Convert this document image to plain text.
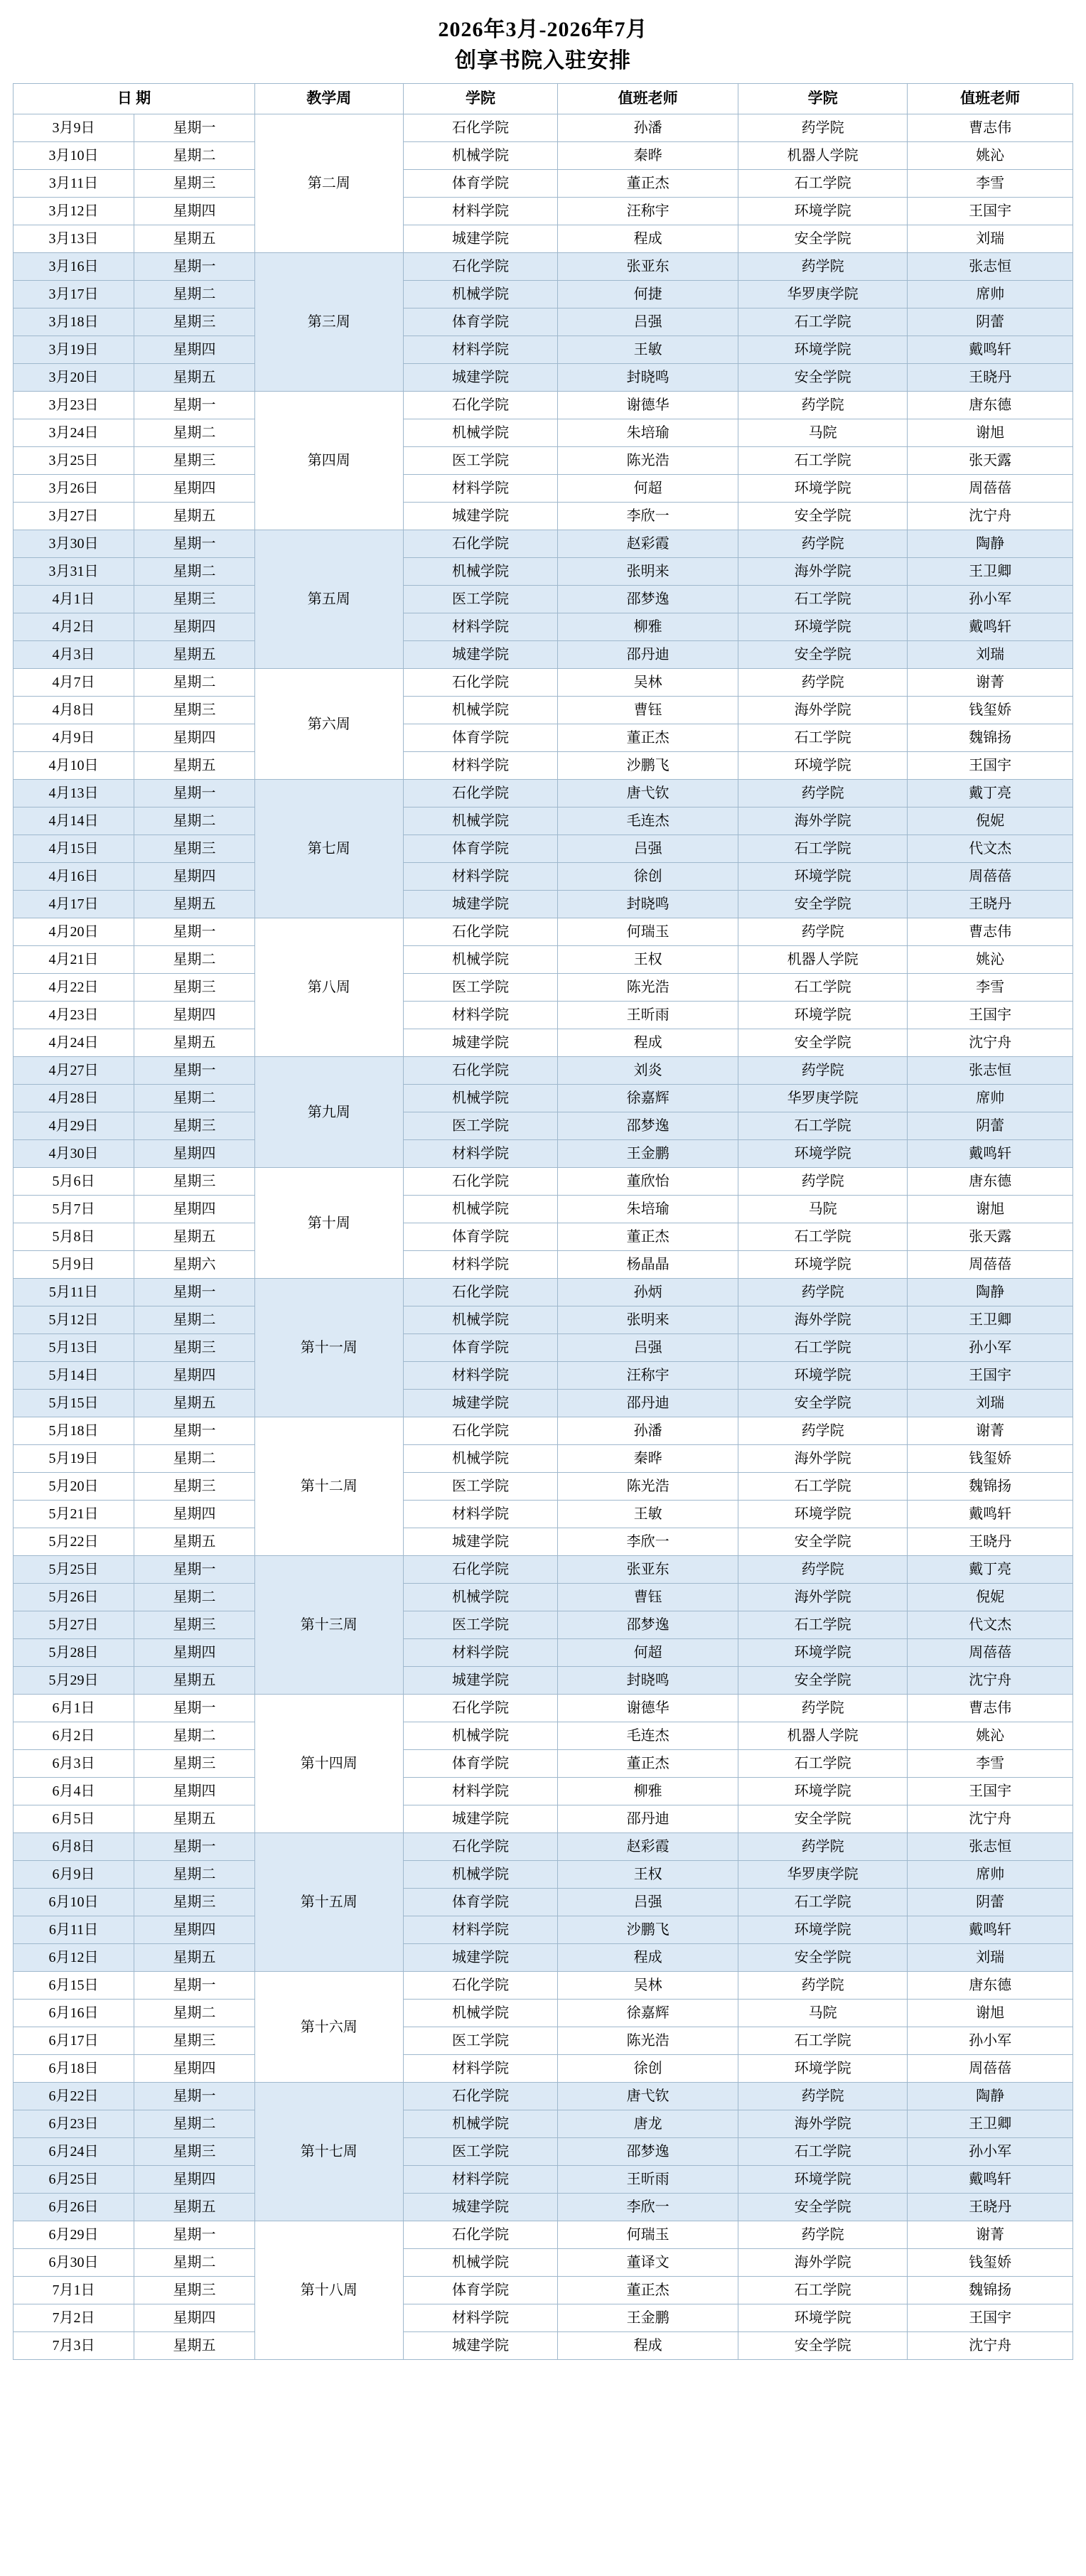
2026年3月-2026年7月
创享书院入驻安排
日 期		教学周	学院	值班老师	学院	值班老师
3月9日	星期一	第二周	石化学院	孙潘	药学院	曹志伟
3月10日	星期二		机械学院	秦晔	机器人学院	姚沁
3月11日	星期三		体育学院	董正杰	石工学院	李雪
3月12日	星期四		材料学院	汪称宇	环境学院	王国宇
3月13日	星期五		城建学院	程成	安全学院	刘瑞
3月16日	星期一	第三周	石化学院	张亚东	药学院	张志恒
3月17日	星期二		机械学院	何捷	华罗庚学院	席帅
3月18日	星期三		体育学院	吕强	石工学院	阴蕾
3月19日	星期四		材料学院	王敏	环境学院	戴鸣轩
3月20日	星期五		城建学院	封晓鸣	安全学院	王晓丹
3月23日	星期一	第四周	石化学院	谢德华	药学院	唐东德
3月24日	星期二		机械学院	朱培瑜	马院	谢旭
3月25日	星期三		医工学院	陈光浩	石工学院	张天露
3月26日	星期四		材料学院	何超	环境学院	周蓓蓓
3月27日	星期五		城建学院	李欣一	安全学院	沈宁舟
3月30日	星期一	第五周	石化学院	赵彩霞	药学院	陶静
3月31日	星期二		机械学院	张明来	海外学院	王卫卿
4月1日	星期三		医工学院	邵梦逸	石工学院	孙小军
4月2日	星期四		材料学院	柳雅	环境学院	戴鸣轩
4月3日	星期五		城建学院	邵丹迪	安全学院	刘瑞
4月7日	星期二	第六周	石化学院	吴林	药学院	谢菁
4月8日	星期三		机械学院	曹钰	海外学院	钱玺娇
4月9日	星期四		体育学院	董正杰	石工学院	魏锦扬
4月10日	星期五		材料学院	沙鹏飞	环境学院	王国宇
4月13日	星期一	第七周	石化学院	唐弋钦	药学院	戴丁亮
4月14日	星期二		机械学院	毛连杰	海外学院	倪妮
4月15日	星期三		体育学院	吕强	石工学院	代文杰
4月16日	星期四		材料学院	徐创	环境学院	周蓓蓓
4月17日	星期五		城建学院	封晓鸣	安全学院	王晓丹
4月20日	星期一	第八周	石化学院	何瑞玉	药学院	曹志伟
4月21日	星期二		机械学院	王权	机器人学院	姚沁
4月22日	星期三		医工学院	陈光浩	石工学院	李雪
4月23日	星期四		材料学院	王昕雨	环境学院	王国宇
4月24日	星期五		城建学院	程成	安全学院	沈宁舟
4月27日	星期一	第九周	石化学院	刘炎	药学院	张志恒
4月28日	星期二		机械学院	徐嘉辉	华罗庚学院	席帅
4月29日	星期三		医工学院	邵梦逸	石工学院	阴蕾
4月30日	星期四		材料学院	王金鹏	环境学院	戴鸣轩
5月6日	星期三	第十周	石化学院	董欣怡	药学院	唐东德
5月7日	星期四		机械学院	朱培瑜	马院	谢旭
5月8日	星期五		体育学院	董正杰	石工学院	张天露
5月9日	星期六		材料学院	杨晶晶	环境学院	周蓓蓓
5月11日	星期一	第十一周	石化学院	孙炳	药学院	陶静
5月12日	星期二		机械学院	张明来	海外学院	王卫卿
5月13日	星期三		体育学院	吕强	石工学院	孙小军
5月14日	星期四		材料学院	汪称宇	环境学院	王国宇
5月15日	星期五		城建学院	邵丹迪	安全学院	刘瑞
5月18日	星期一	第十二周	石化学院	孙潘	药学院	谢菁
5月19日	星期二		机械学院	秦晔	海外学院	钱玺娇
5月20日	星期三		医工学院	陈光浩	石工学院	魏锦扬
5月21日	星期四		材料学院	王敏	环境学院	戴鸣轩
5月22日	星期五		城建学院	李欣一	安全学院	王晓丹
5月25日	星期一	第十三周	石化学院	张亚东	药学院	戴丁亮
5月26日	星期二		机械学院	曹钰	海外学院	倪妮
5月27日	星期三		医工学院	邵梦逸	石工学院	代文杰
5月28日	星期四		材料学院	何超	环境学院	周蓓蓓
5月29日	星期五		城建学院	封晓鸣	安全学院	沈宁舟
6月1日	星期一	第十四周	石化学院	谢德华	药学院	曹志伟
6月2日	星期二		机械学院	毛连杰	机器人学院	姚沁
6月3日	星期三		体育学院	董正杰	石工学院	李雪
6月4日	星期四		材料学院	柳雅	环境学院	王国宇
6月5日	星期五		城建学院	邵丹迪	安全学院	沈宁舟
6月8日	星期一	第十五周	石化学院	赵彩霞	药学院	张志恒
6月9日	星期二		机械学院	王权	华罗庚学院	席帅
6月10日	星期三		体育学院	吕强	石工学院	阴蕾
6月11日	星期四		材料学院	沙鹏飞	环境学院	戴鸣轩
6月12日	星期五		城建学院	程成	安全学院	刘瑞
6月15日	星期一	第十六周	石化学院	吴林	药学院	唐东德
6月16日	星期二		机械学院	徐嘉辉	马院	谢旭
6月17日	星期三		医工学院	陈光浩	石工学院	孙小军
6月18日	星期四		材料学院	徐创	环境学院	周蓓蓓
6月22日	星期一	第十七周	石化学院	唐弋钦	药学院	陶静
6月23日	星期二		机械学院	唐龙	海外学院	王卫卿
6月24日	星期三		医工学院	邵梦逸	石工学院	孙小军
6月25日	星期四		材料学院	王昕雨	环境学院	戴鸣轩
6月26日	星期五		城建学院	李欣一	安全学院	王晓丹
6月29日	星期一	第十八周	石化学院	何瑞玉	药学院	谢菁
6月30日	星期二		机械学院	董译文	海外学院	钱玺娇
7月1日	星期三		体育学院	董正杰	石工学院	魏锦扬
7月2日	星期四		材料学院	王金鹏	环境学院	王国宇
7月3日	星期五		城建学院	程成	安全学院	沈宁舟
